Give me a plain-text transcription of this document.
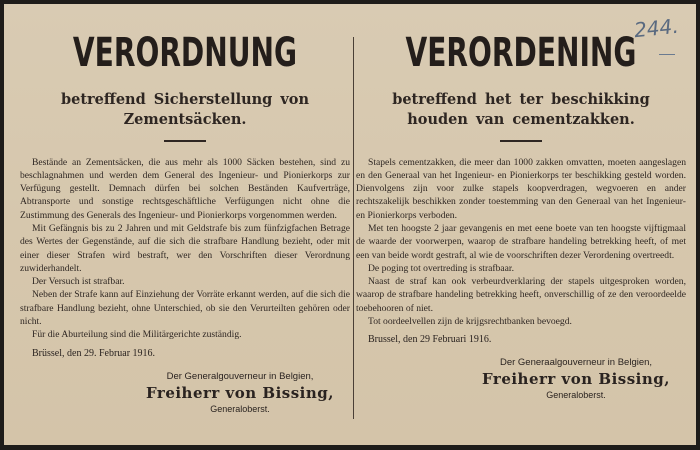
244.
VERORDNUNG
betreffend Sicherstellung von
Zementsäcken.

Bestände an Zementsäcken, die aus mehr als 1000 Säcken bestehen, sind zu beschlagnahmen und werden dem General des Ingenieur- und Pionierkorps zur Verfügung gestellt. Demnach dürfen bei solchen Beständen Kaufverträge, Abtransporte und sonstige rechtsgeschäftliche Verfügungen nicht ohne die Zustimmung des Generals des Ingenieur- und Pionierkorps vorgenommen werden.

Mit Gefängnis bis zu 2 Jahren und mit Geldstrafe bis zum fünfzigfachen Betrage des Wertes der Gegenstände, auf die sich die strafbare Handlung bezieht, oder mit einer dieser Strafen wird bestraft, wer den Vorschriften dieser Verordnung zuwiderhandelt.

Der Versuch ist strafbar.

Neben der Strafe kann auf Einziehung der Vorräte erkannt werden, auf die sich die strafbare Handlung bezieht, ohne Unterschied, ob sie den Verurteilten gehören oder nicht.

Für die Aburteilung sind die Militärgerichte zuständig.

Brüssel, den 29. Februar 1916.
Der Generalgouverneur in Belgien,
Freiherr von Bissing,
Generaloberst.
VERORDENING
betreffend het ter beschikking
houden van cementzakken.

Stapels cementzakken, die meer dan 1000 zakken omvatten, moeten aangeslagen en den Generaal van het Ingenieur- en Pionierkorps ter beschikking gesteld worden. Dienvolgens zijn voor zulke stapels koopverdragen, wegvoeren en ander rechtszakelijk beschikken zonder toestemming van den Generaal van het Ingenieur- en Pionierkorps verboden.

Met ten hoogste 2 jaar gevangenis en met eene boete van ten hoogste vijftigmaal de waarde der voorwerpen, waarop de strafbare handeling betrekking heeft, of met een van beide wordt gestraft, al wie de voorschriften dezer Verordening overtreedt.

De poging tot overtreding is strafbaar.

Naast de straf kan ook verbeurdverklaring der stapels uitgesproken worden, waarop de strafbare handeling betrekking heeft, onverschillig of ze den veroordeelde toebehooren of niet.

Tot oordeelvellen zijn de krijgsrechtbanken bevoegd.

Brussel, den 29 Februari 1916.
Der Generaalgouverneur in Belgien,
Freiherr von Bissing,
Generaloberst.
